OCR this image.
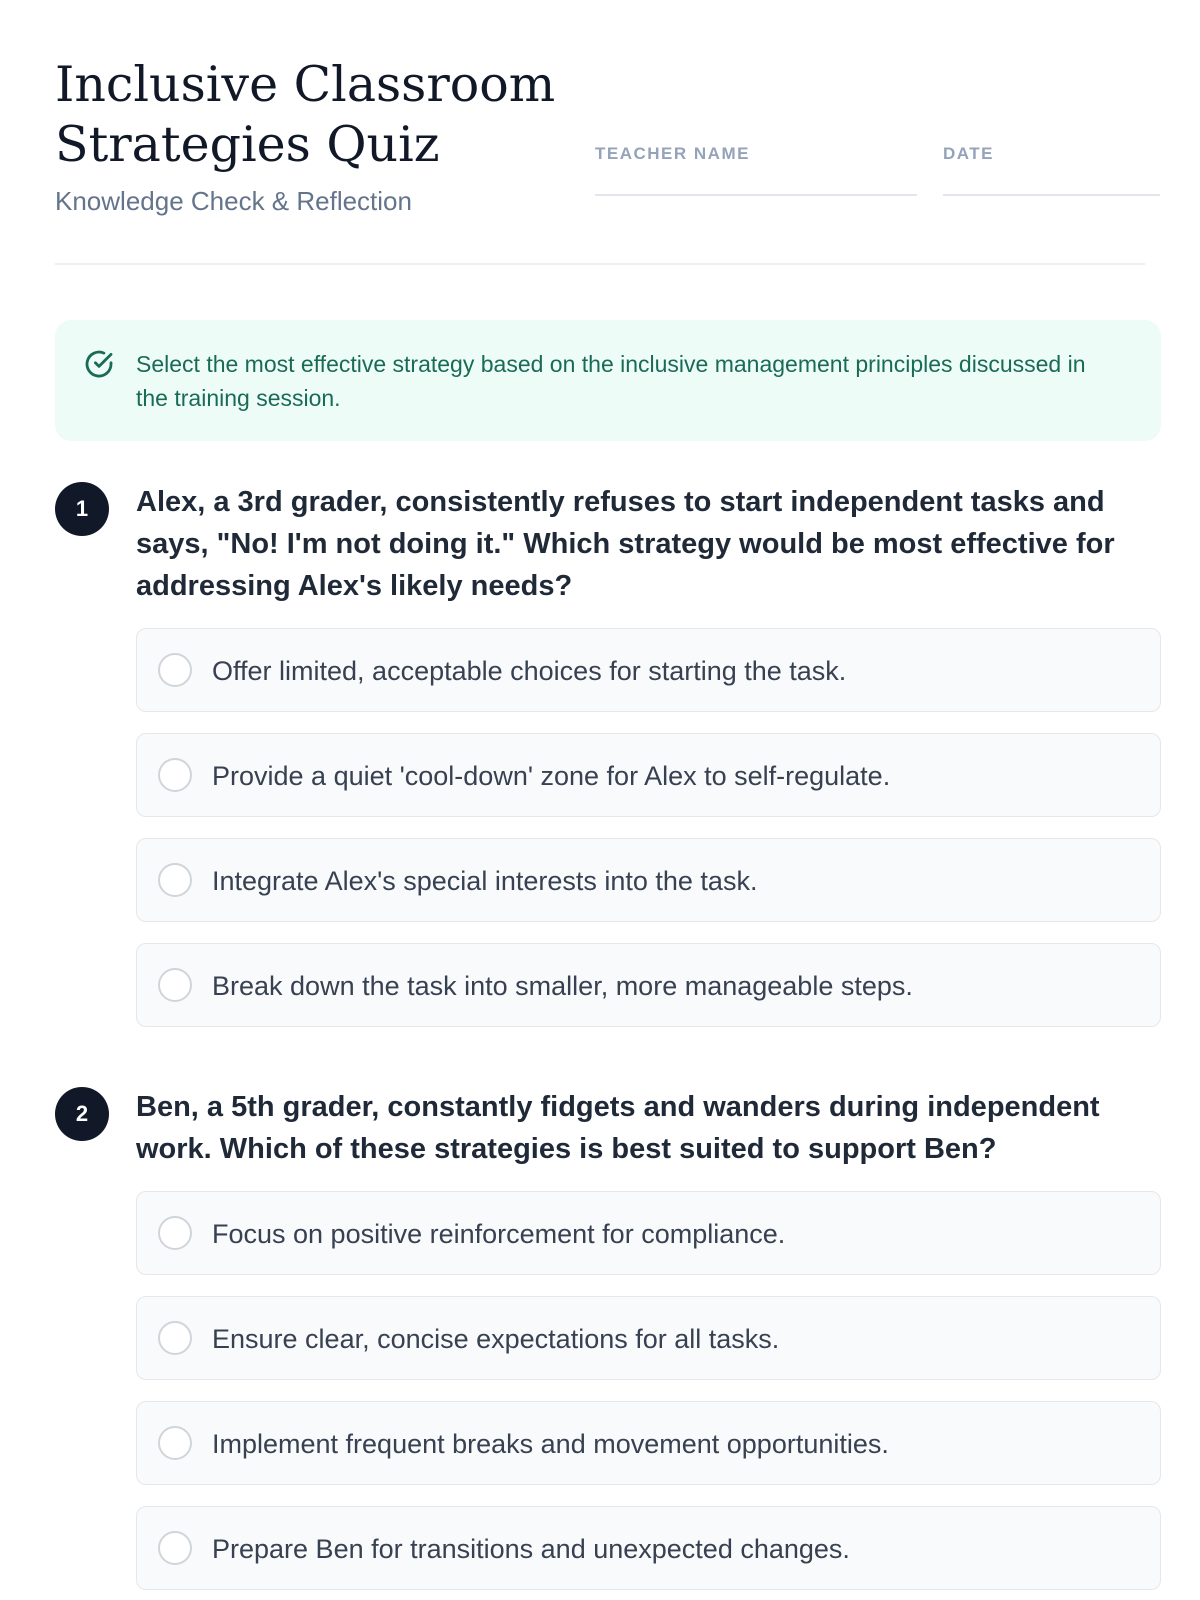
Inclusive Classroom Strategies Quiz
Knowledge Check & Reflection
TEACHER NAME	DATE
Select the most effective strategy based on the inclusive management principles discussed in the training session.
1	Alex, a 3rd grader, consistently refuses to start independent tasks and says, "No! I'm not doing it." Which strategy would be most effective for addressing Alex's likely needs?
Offer limited, acceptable choices for starting the task.
Provide a quiet 'cool-down' zone for Alex to self-regulate.
Integrate Alex's special interests into the task.
Break down the task into smaller, more manageable steps.
2	Ben, a 5th grader, constantly fidgets and wanders during independent work. Which of these strategies is best suited to support Ben?
Focus on positive reinforcement for compliance.
Ensure clear, concise expectations for all tasks.
Implement frequent breaks and movement opportunities.
Prepare Ben for transitions and unexpected changes.
